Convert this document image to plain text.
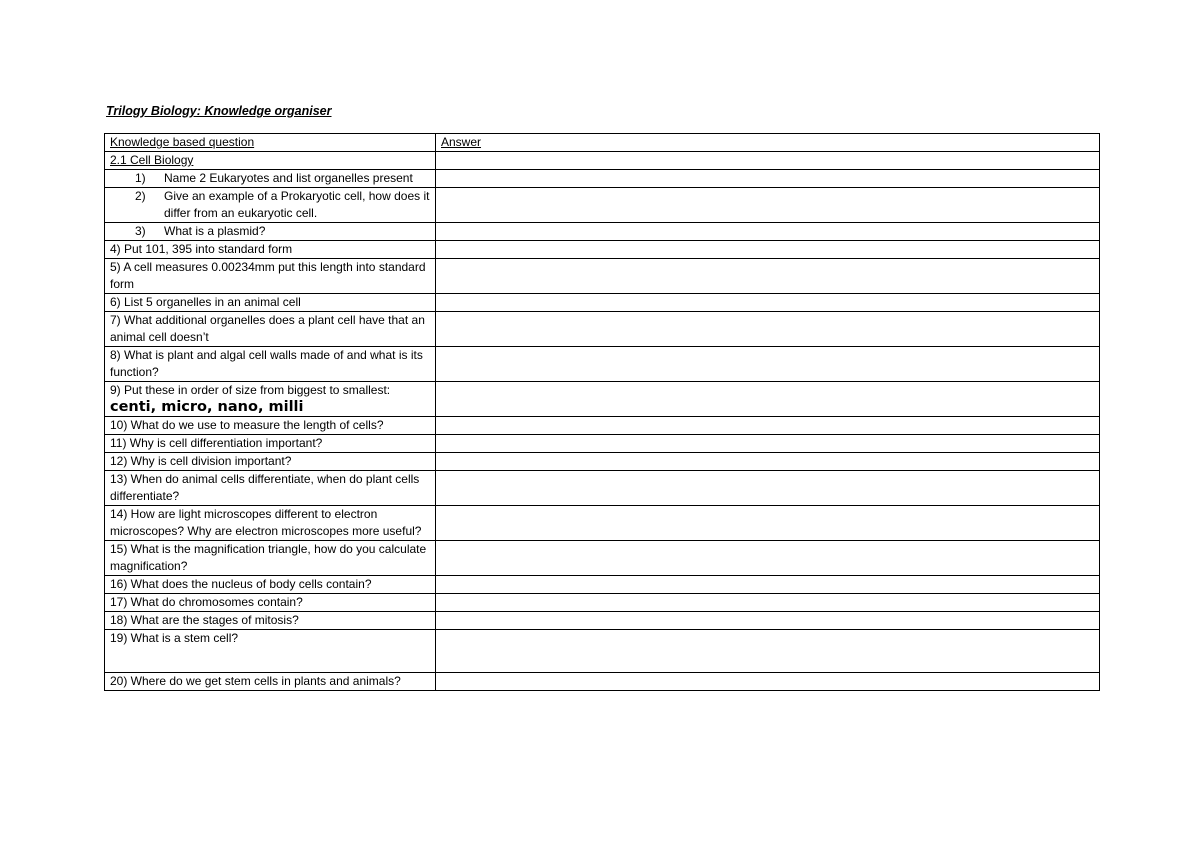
Trilogy Biology: Knowledge organiser
Knowledge based question	Answer
2.1 Cell Biology	

1) Name 2 Eukaryotes and list organelles present	

2) Give an example of a Prokaryotic cell, how does it differ from an eukaryotic cell.	

3) What is a plasmid?	

4) Put 101, 395 into standard form	
5) A cell measures 0.00234mm put this length into standard form	
6) List 5 organelles in an animal cell	
7) What additional organelles does a plant cell have that an animal cell doesn’t	
8) What is plant and algal cell walls made of and what is its function?	

9) Put these in order of size from biggest to smallest:
centi, micro, nano, milli	

10) What do we use to measure the length of cells?	
11) Why is cell differentiation important?	
12) Why is cell division important?	
13) When do animal cells differentiate, when do plant cells differentiate?	
14) How are light microscopes different to electron microscopes? Why are electron microscopes more useful?	
15) What is the magnification triangle, how do you calculate magnification?	
16) What does the nucleus of body cells contain?	
17) What do chromosomes contain?	
18) What are the stages of mitosis?	
19) What is a stem cell?	
20) Where do we get stem cells in plants and animals?	
